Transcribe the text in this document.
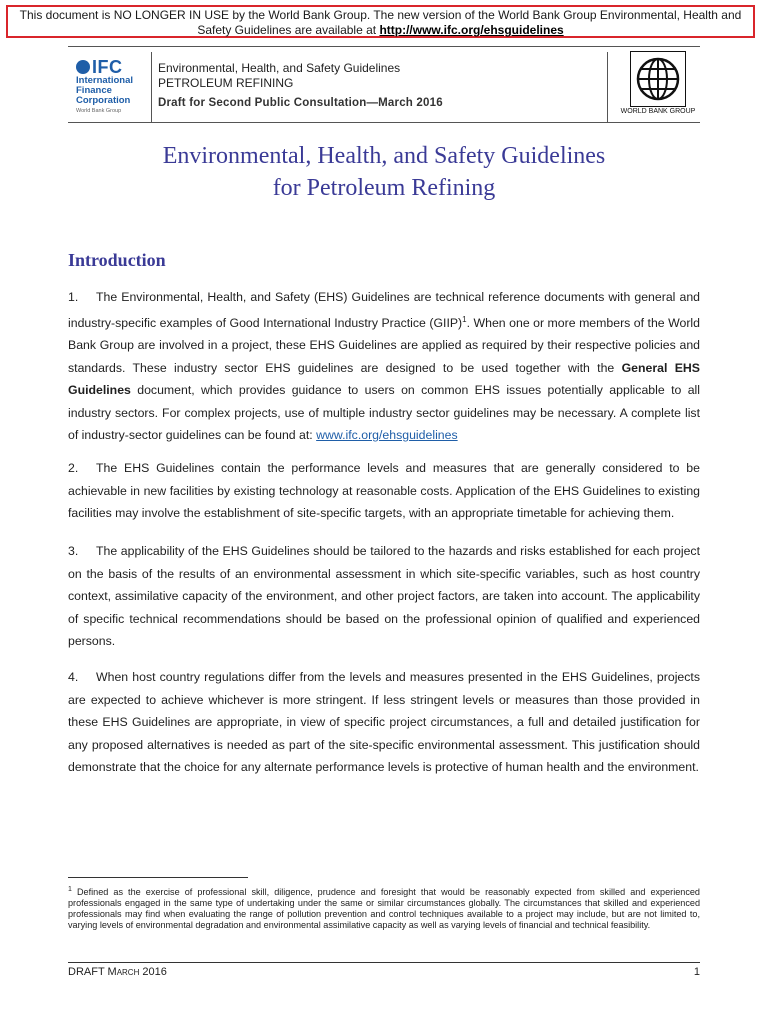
This document is NO LONGER IN USE by the World Bank Group. The new version of the World Bank Group Environmental, Health and Safety Guidelines are available at http://www.ifc.org/ehsguidelines
IFC
International
Finance
Corporation
World Bank Group
Environmental, Health, and Safety Guidelines
PETROLEUM REFINING
Draft for Second Public Consultation—March 2016
WORLD BANK GROUP
Environmental, Health, and Safety Guidelines
for Petroleum Refining
Introduction

1. The Environmental, Health, and Safety (EHS) Guidelines are technical reference documents with general and industry-specific examples of Good International Industry Practice (GIIP)$^1$. When one or more members of the World Bank Group are involved in a project, these EHS Guidelines are applied as required by their respective policies and standards. These industry sector EHS guidelines are designed to be used together with the General EHS Guidelines document, which provides guidance to users on common EHS issues potentially applicable to all industry sectors. For complex projects, use of multiple industry sector guidelines may be necessary. A complete list of industry-sector guidelines can be found at: www.ifc.org/ehsguidelines

2. The EHS Guidelines contain the performance levels and measures that are generally considered to be achievable in new facilities by existing technology at reasonable costs. Application of the EHS Guidelines to existing facilities may involve the establishment of site-specific targets, with an appropriate timetable for achieving them.

3. The applicability of the EHS Guidelines should be tailored to the hazards and risks established for each project on the basis of the results of an environmental assessment in which site-specific variables, such as host country context, assimilative capacity of the environment, and other project factors, are taken into account. The applicability of specific technical recommendations should be based on the professional opinion of qualified and experienced persons.

4. When host country regulations differ from the levels and measures presented in the EHS Guidelines, projects are expected to achieve whichever is more stringent. If less stringent levels or measures than those provided in these EHS Guidelines are appropriate, in view of specific project circumstances, a full and detailed justification for any proposed alternatives is needed as part of the site-specific environmental assessment. This justification should demonstrate that the choice for any alternate performance levels is protective of human health and the environment.

$^1$ Defined as the exercise of professional skill, diligence, prudence and foresight that would be reasonably expected from skilled and experienced professionals engaged in the same type of undertaking under the same or similar circumstances globally. The circumstances that skilled and experienced professionals may find when evaluating the range of pollution prevention and control techniques available to a project may include, but are not limited to, varying levels of environmental degradation and environmental assimilative capacity as well as varying levels of financial and technical feasibility.
DRAFT March 2016	1
